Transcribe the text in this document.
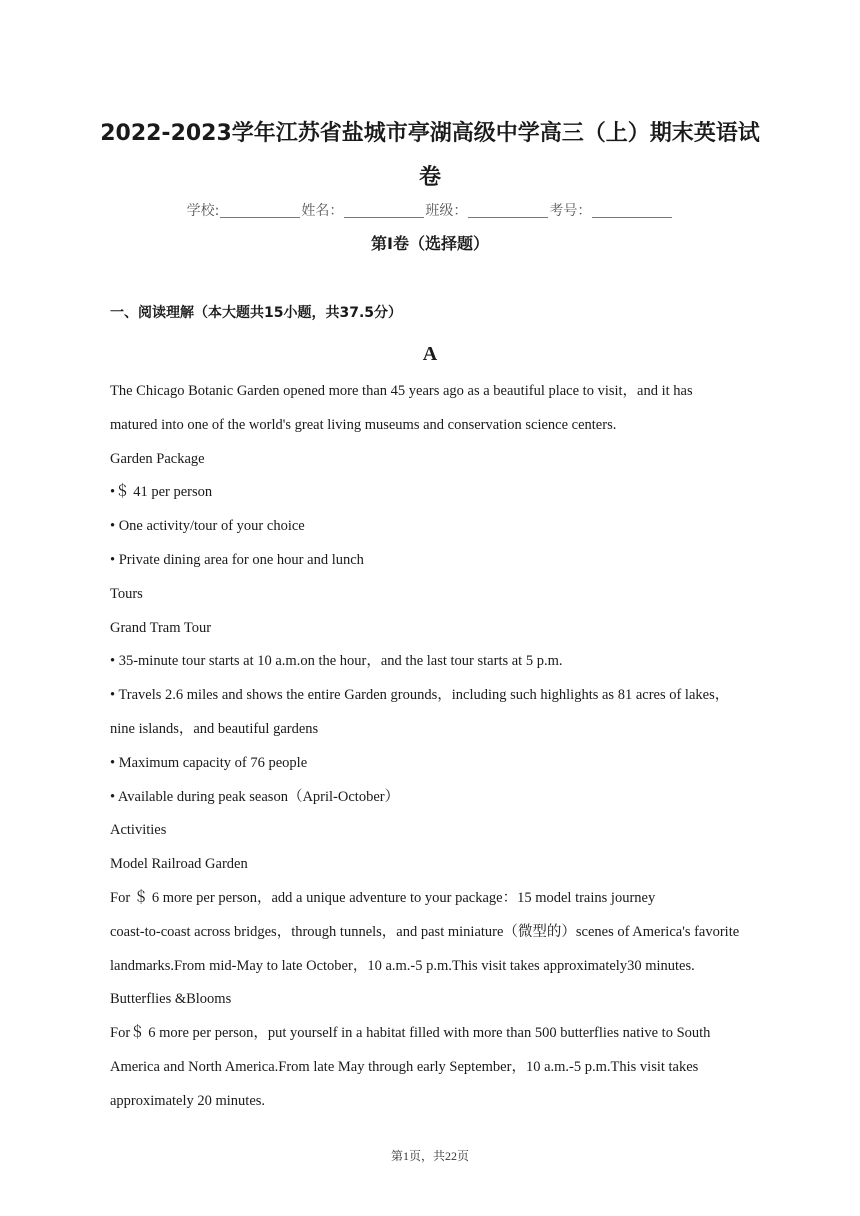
2022-2023学年江苏省盐城市亭湖高级中学高三（上）期末英语试卷
学校:	姓名：	班级：	考号：
第I卷（选择题）
一、阅读理解（本大题共15小题，共37.5分）
A

The Chicago Botanic Garden opened more than 45 years ago as a beautiful place to visit，and it has

matured into one of the world's great living museums and conservation science centers.

Garden Package

•＄ 41 per person

• One activity/tour of your choice

• Private dining area for one hour and lunch

Tours

Grand Tram Tour

• 35-minute tour starts at 10 a.m.on the hour，and the last tour starts at 5 p.m.

• Travels 2.6 miles and shows the entire Garden grounds，including such highlights as 81 acres of lakes，

nine islands，and beautiful gardens

• Maximum capacity of 76 people

• Available during peak season（April-October）

Activities

Model Railroad Garden

For ＄ 6 more per person，add a unique adventure to your package：15 model trains journey

coast-to-coast across bridges，through tunnels，and past miniature（微型的）scenes of America's favorite

landmarks.From mid-May to late October，10 a.m.-5 p.m.This visit takes approximately30 minutes.

Butterflies &Blooms

For＄ 6 more per person，put yourself in a habitat filled with more than 500 butterflies native to South

America and North America.From late May through early September，10 a.m.-5 p.m.This visit takes

approximately 20 minutes.

第1页，共22页
